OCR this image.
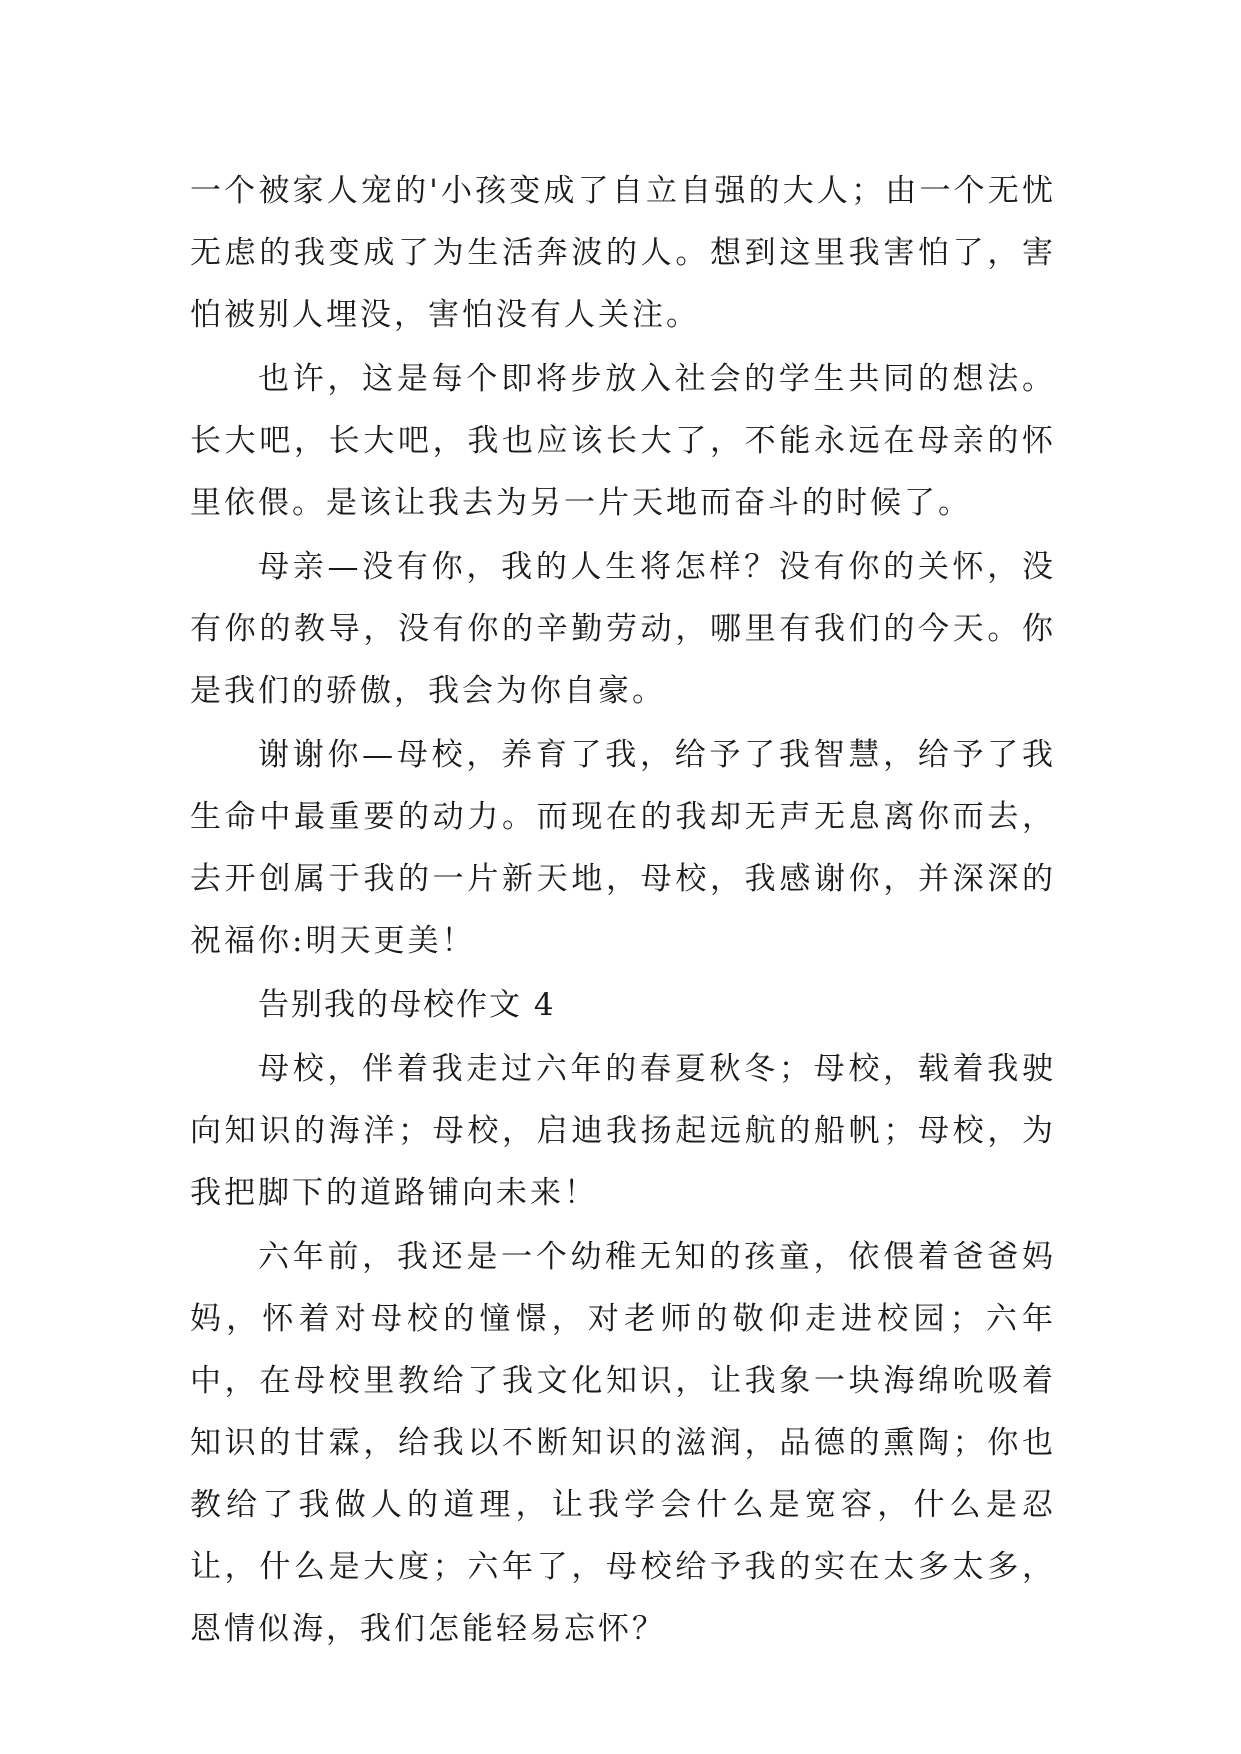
一个被家人宠的'小孩变成了自立自强的大人；由一个无忧无虑的我变成了为生活奔波的人。想到这里我害怕了，害怕被别人埋没，害怕没有人关注。

也许，这是每个即将步放入社会的学生共同的想法。长大吧，长大吧，我也应该长大了，不能永远在母亲的怀里依偎。是该让我去为另一片天地而奋斗的时候了。

母亲—没有你，我的人生将怎样？没有你的关怀，没有你的教导，没有你的辛勤劳动，哪里有我们的今天。你是我们的骄傲，我会为你自豪。

谢谢你—母校，养育了我，给予了我智慧，给予了我生命中最重要的动力。而现在的我却无声无息离你而去，去开创属于我的一片新天地，母校，我感谢你，并深深的祝福你:明天更美！

告别我的母校作文 4

母校，伴着我走过六年的春夏秋冬；母校，载着我驶向知识的海洋；母校，启迪我扬起远航的船帆；母校，为我把脚下的道路铺向未来！

六年前，我还是一个幼稚无知的孩童，依偎着爸爸妈妈，怀着对母校的憧憬，对老师的敬仰走进校园；六年中，在母校里教给了我文化知识，让我象一块海绵吮吸着知识的甘霖，给我以不断知识的滋润，品德的熏陶；你也教给了我做人的道理，让我学会什么是宽容，什么是忍让，什么是大度；六年了，母校给予我的实在太多太多，恩情似海，我们怎能轻易忘怀？
